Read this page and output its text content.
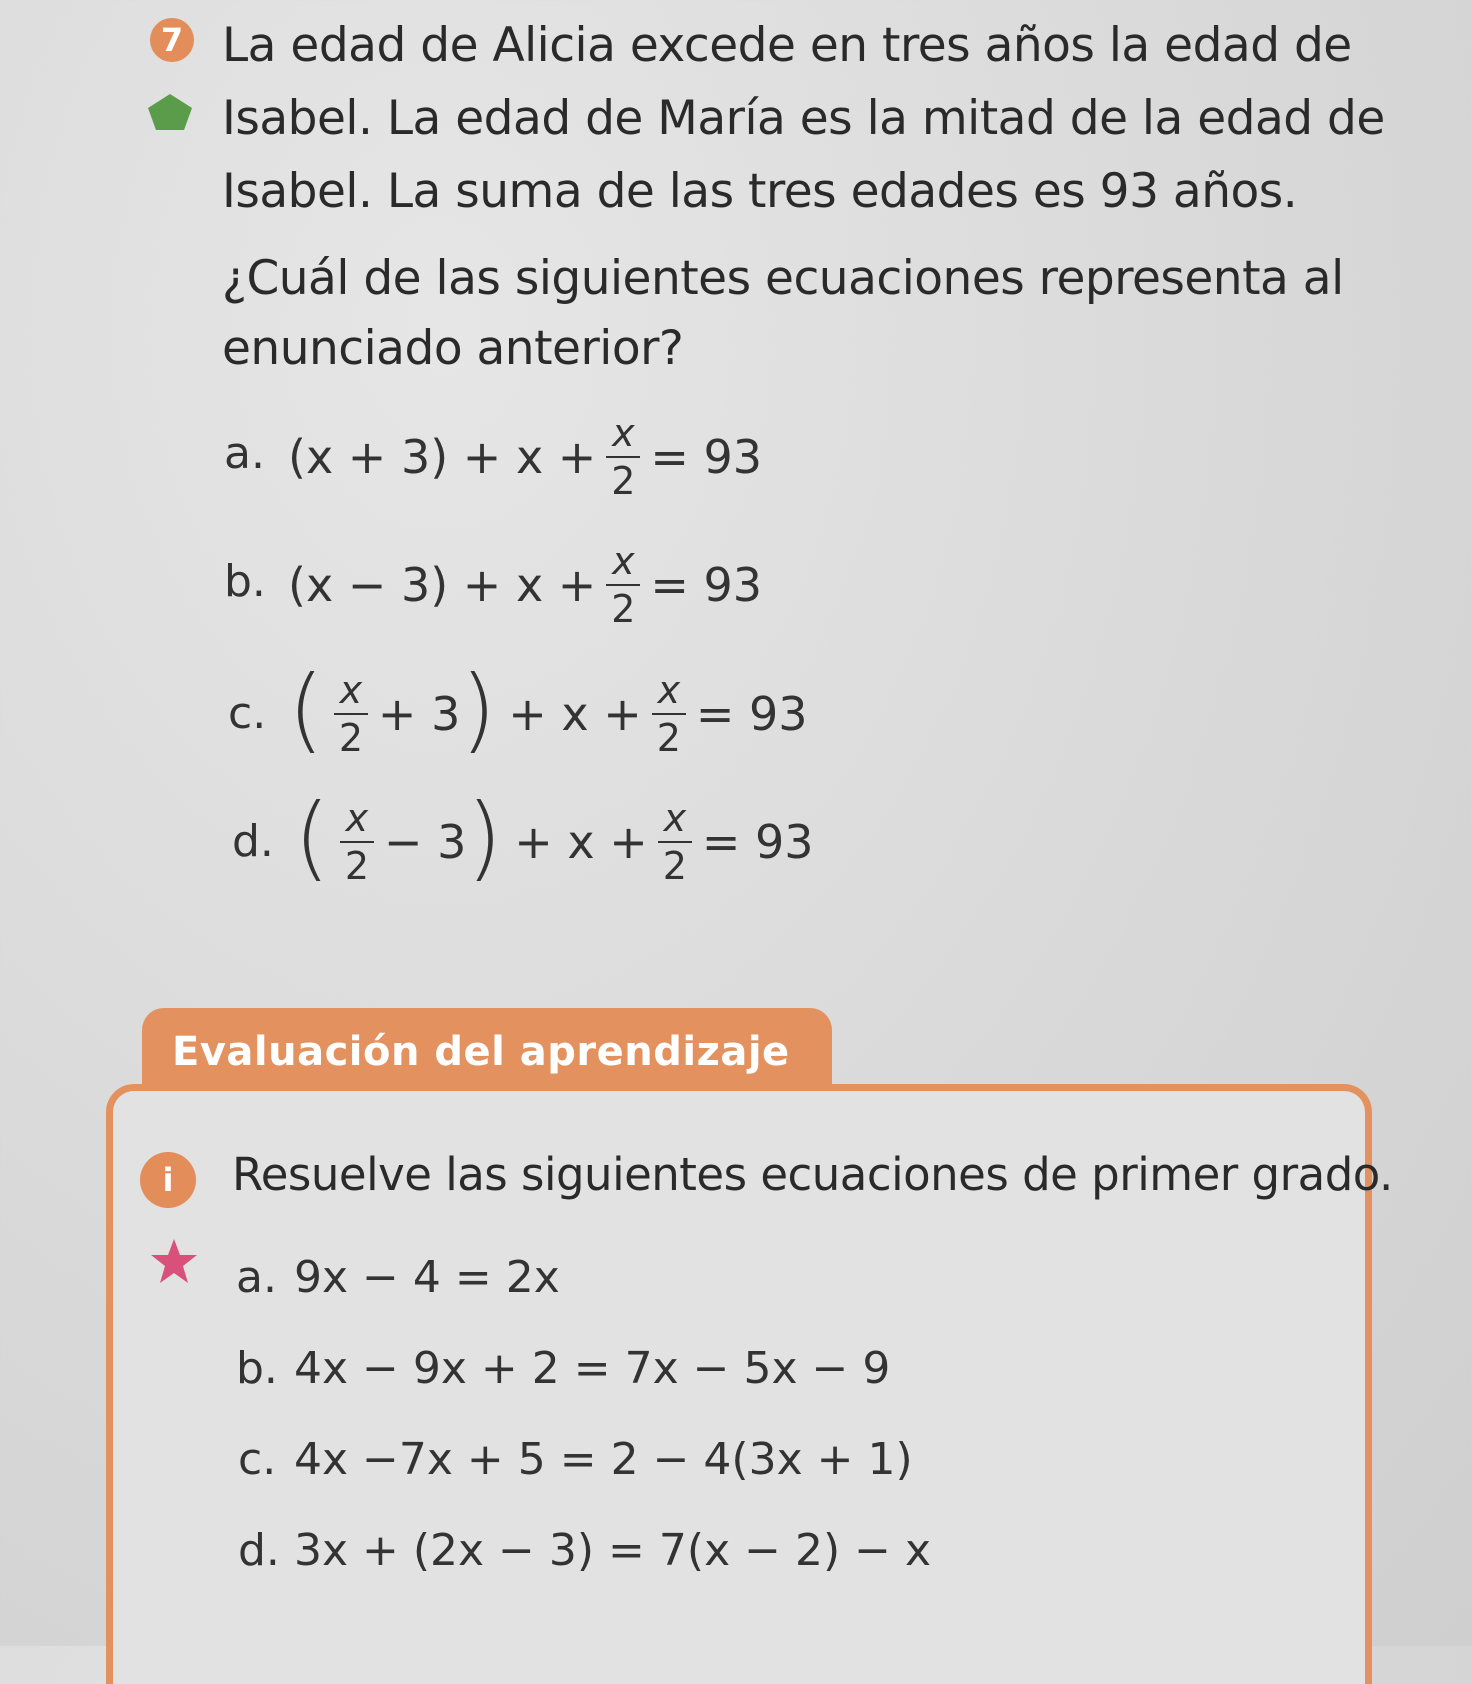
7 La edad de Alicia excede en tres años la edad de
Isabel. La edad de María es la mitad de la edad de
Isabel. La suma de las tres edades es 93 años.
¿Cuál de las siguientes ecuaciones representa al
enunciado anterior?
a. $(x + 3) + x + \frac{x}{2} = 93$
b. $(x - 3) + x + \frac{x}{2} = 93$
c. ( $\frac{x}{2} + 3$ ) + $x + \frac{x}{2} = 93$
d. ( $\frac{x}{2} - 3$ ) + $x + \frac{x}{2} = 93$
Evaluación del aprendizaje
i Resuelve las siguientes ecuaciones de primer grado.
a. 9x − 4 = 2x
b. 4x − 9x + 2 = 7x − 5x − 9
c. 4x −7x + 5 = 2 − 4(3x + 1)
d. 3x + (2x − 3) = 7(x − 2) − x
